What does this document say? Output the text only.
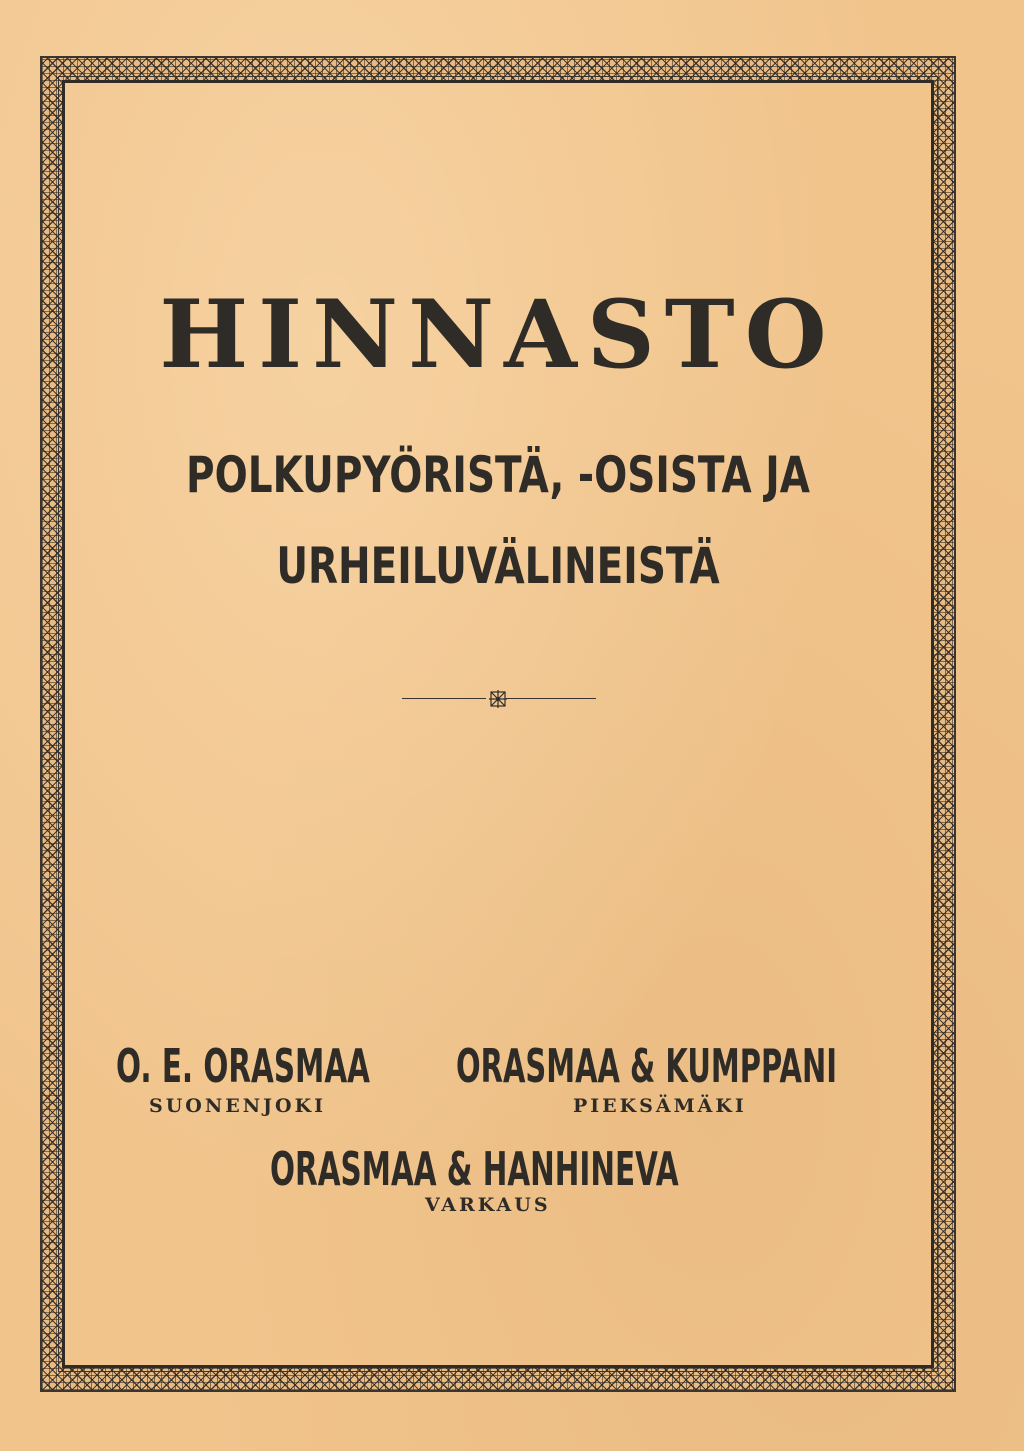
HINNASTO
POLKUPYÖRISTÄ, -OSISTA JA
URHEILUVÄLINEISTÄ
O. E. ORASMAA
SUONENJOKI
ORASMAA & KUMPPANI
PIEKSÄMÄKI
ORASMAA & HANHINEVA
VARKAUS
